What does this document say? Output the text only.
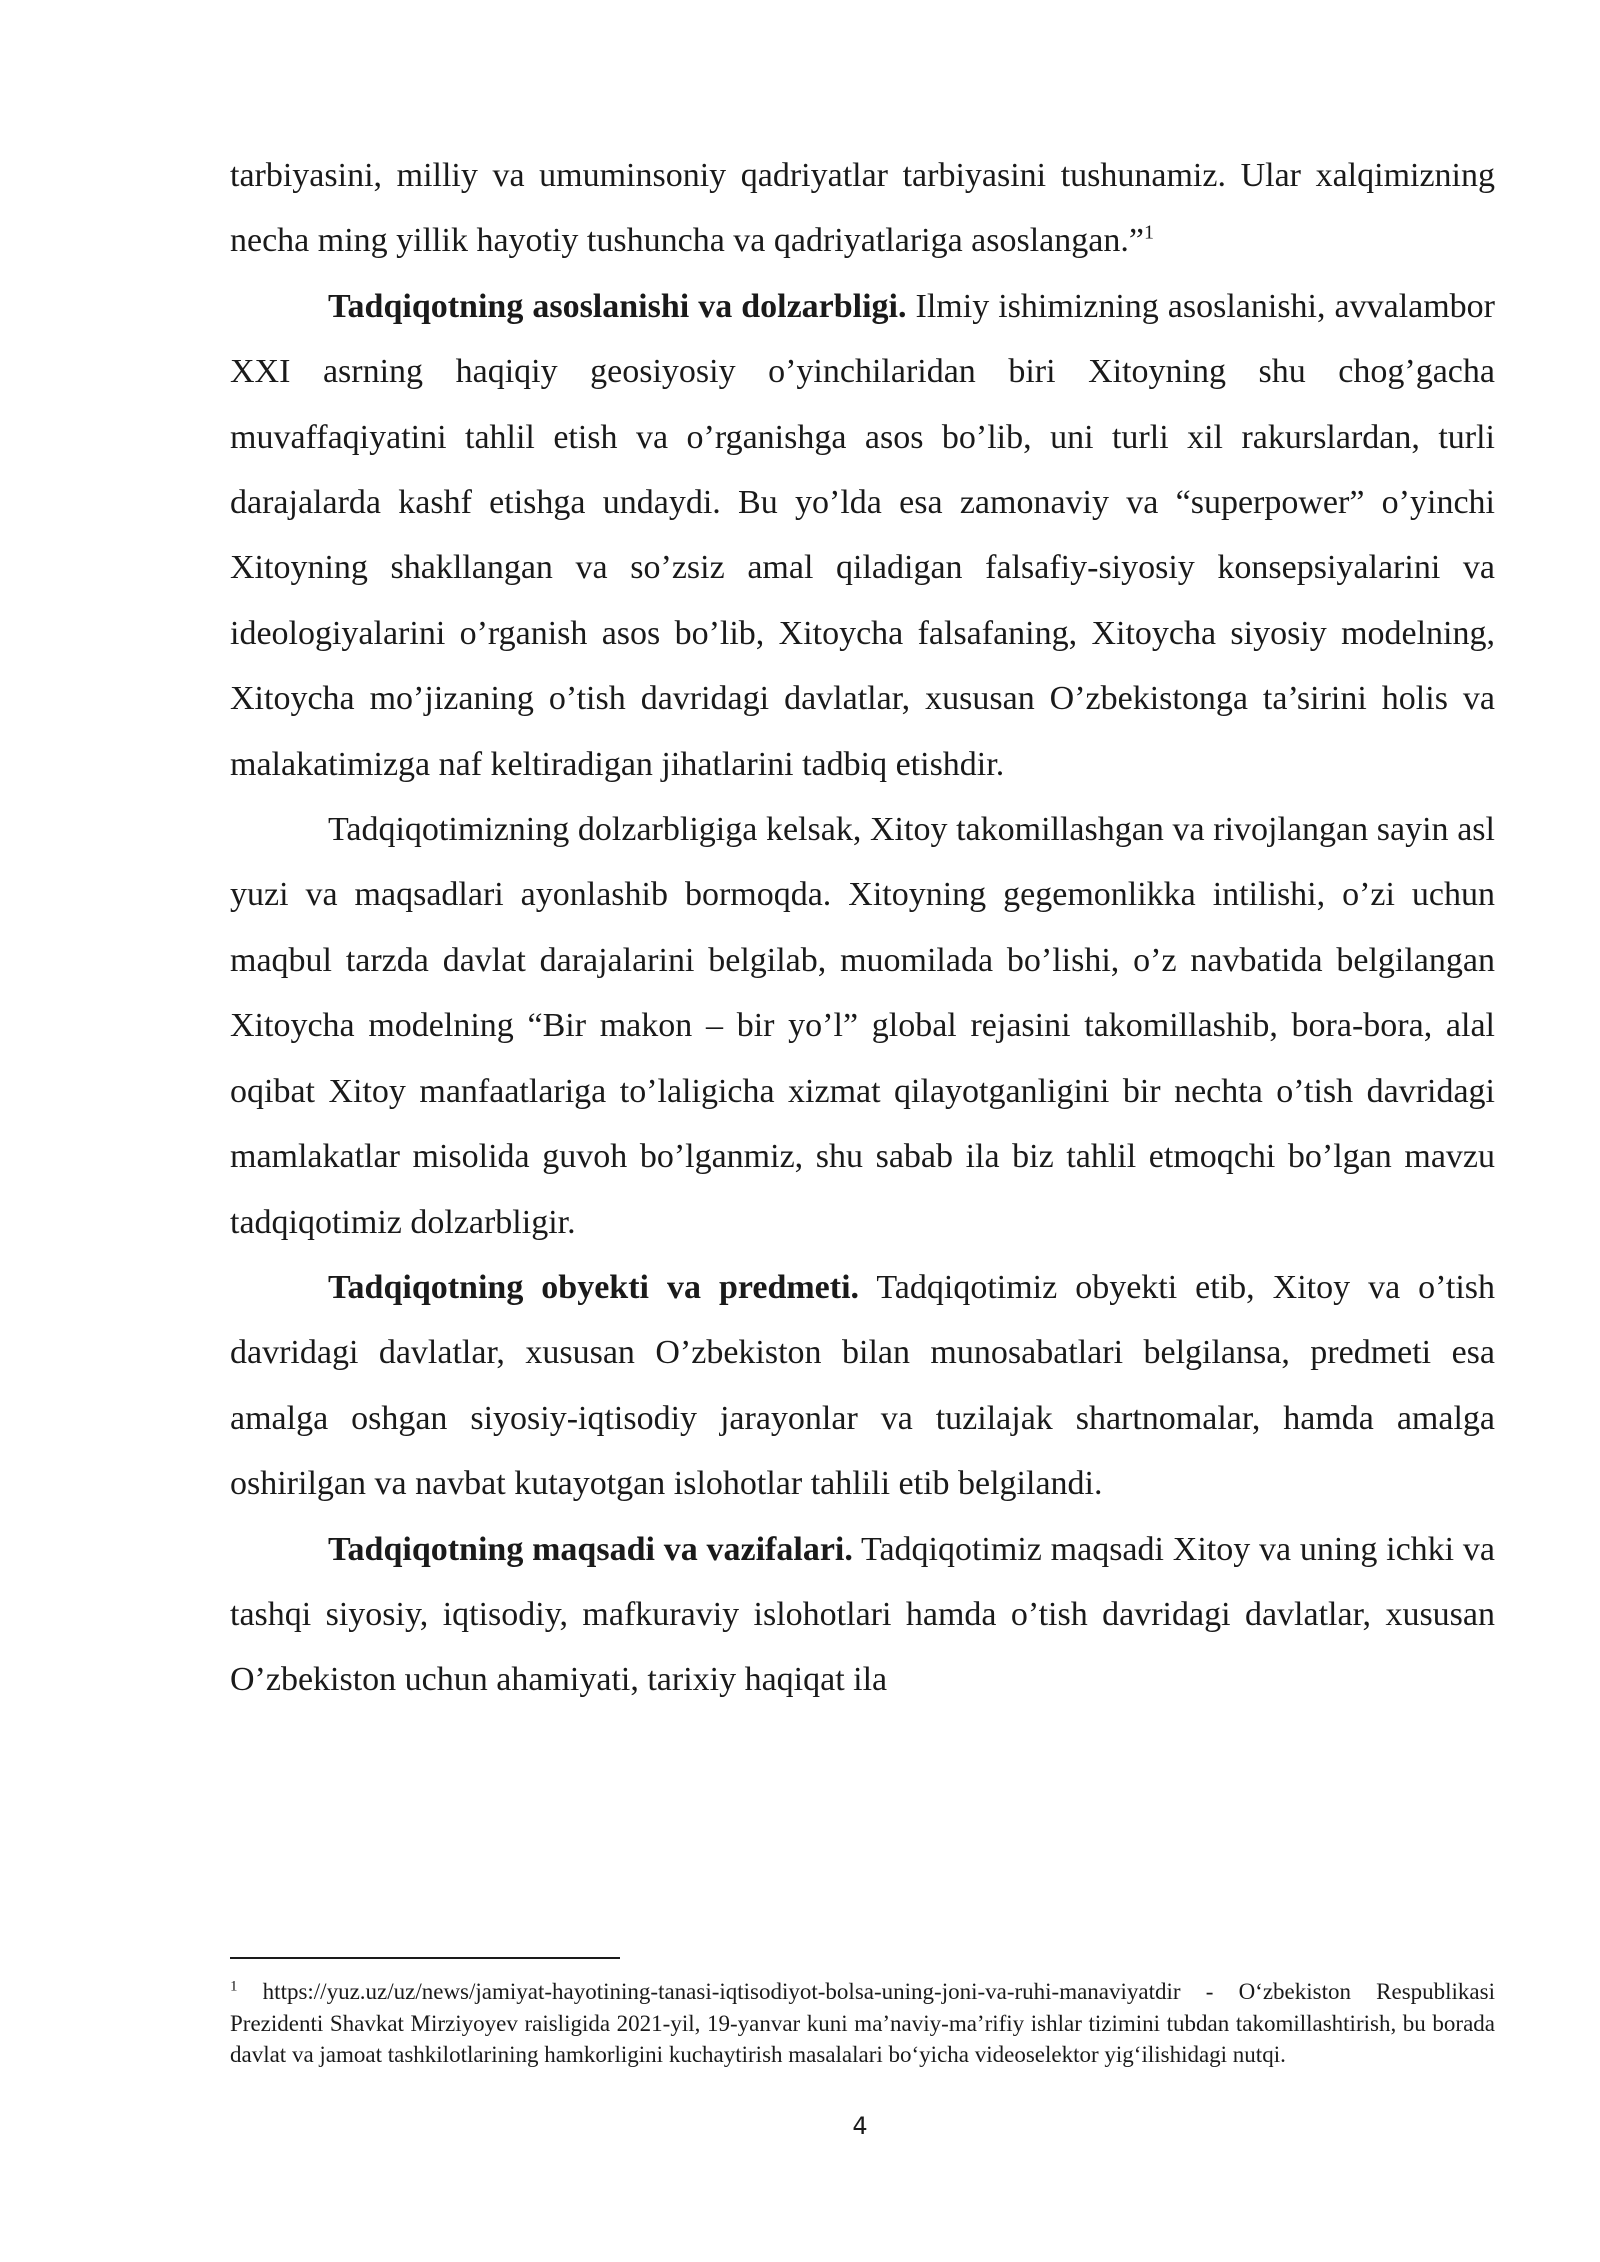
tarbiyasini, milliy va umuminsoniy qadriyatlar tarbiyasini tushunamiz. Ular xalqimizning necha ming yillik hayotiy tushuncha va qadriyatlariga asoslangan.”$^1$

Tadqiqotning asoslanishi va dolzarbligi. Ilmiy ishimizning asoslanishi, avvalambor XXI asrning haqiqiy geosiyosiy o’yinchilaridan biri Xitoyning shu chog’gacha muvaffaqiyatini tahlil etish va o’rganishga asos bo’lib, uni turli xil rakurslardan, turli darajalarda kashf etishga undaydi. Bu yo’lda esa zamonaviy va “superpower” o’yinchi Xitoyning shakllangan va so’zsiz amal qiladigan falsafiy-siyosiy konsepsiyalarini va ideologiyalarini o’rganish asos bo’lib, Xitoycha falsafaning, Xitoycha siyosiy modelning, Xitoycha mo’jizaning o’tish davridagi davlatlar, xususan O’zbekistonga ta’sirini holis va malakatimizga naf keltiradigan jihatlarini tadbiq etishdir.

Tadqiqotimizning dolzarbligiga kelsak, Xitoy takomillashgan va rivojlangan sayin asl yuzi va maqsadlari ayonlashib bormoqda. Xitoyning gegemonlikka intilishi, o’zi uchun maqbul tarzda davlat darajalarini belgilab, muomilada bo’lishi, o’z navbatida belgilangan Xitoycha modelning “Bir makon – bir yo’l” global rejasini takomillashib, bora-bora, alal oqibat Xitoy manfaatlariga to’laligicha xizmat qilayotganligini bir nechta o’tish davridagi mamlakatlar misolida guvoh bo’lganmiz, shu sabab ila biz tahlil etmoqchi bo’lgan mavzu tadqiqotimiz dolzarbligir.

Tadqiqotning obyekti va predmeti. Tadqiqotimiz obyekti etib, Xitoy va o’tish davridagi davlatlar, xususan O’zbekiston bilan munosabatlari belgilansa, predmeti esa amalga oshgan siyosiy-iqtisodiy jarayonlar va tuzilajak shartnomalar, hamda amalga oshirilgan va navbat kutayotgan islohotlar tahlili etib belgilandi.

Tadqiqotning maqsadi va vazifalari. Tadqiqotimiz maqsadi Xitoy va uning ichki va tashqi siyosiy, iqtisodiy, mafkuraviy islohotlari hamda o’tish davridagi davlatlar, xususan O’zbekiston uchun ahamiyati, tarixiy haqiqat ila

$^1$ https://yuz.uz/uz/news/jamiyat-hayotining-tanasi-iqtisodiyot-bolsa-uning-joni-va-ruhi-manaviyatdir - O‘zbekiston Respublikasi Prezidenti Shavkat Mirziyoyev raisligida 2021-yil, 19-yanvar kuni ma’naviy-ma’rifiy ishlar tizimini tubdan takomillashtirish, bu borada davlat va jamoat tashkilotlarining hamkorligini kuchaytirish masalalari bo‘yicha videoselektor yig‘ilishidagi nutqi.

4
